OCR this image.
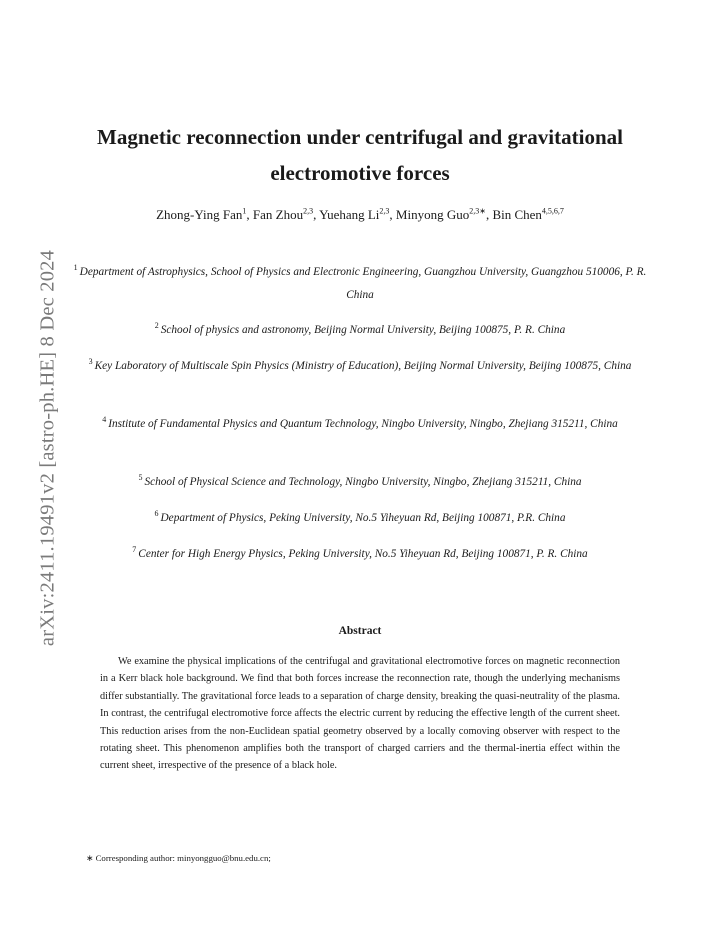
arXiv:2411.19491v2 [astro-ph.HE] 8 Dec 2024
Magnetic reconnection under centrifugal and gravitational electromotive forces
Zhong-Ying Fan$^1$, Fan Zhou$^{2,3}$, Yuehang Li$^{2,3}$, Minyong Guo$^{2,3∗}$, Bin Chen$^{4,5,6,7}$
$^1$ Department of Astrophysics, School of Physics and Electronic Engineering, Guangzhou University, Guangzhou 510006, P. R. China
$^2$ School of physics and astronomy, Beijing Normal University, Beijing 100875, P. R. China
$^3$ Key Laboratory of Multiscale Spin Physics (Ministry of Education), Beijing Normal University, Beijing 100875, China
$^4$ Institute of Fundamental Physics and Quantum Technology, Ningbo University, Ningbo, Zhejiang 315211, China
$^5$ School of Physical Science and Technology, Ningbo University, Ningbo, Zhejiang 315211, China
$^6$ Department of Physics, Peking University, No.5 Yiheyuan Rd, Beijing 100871, P.R. China
$^7$ Center for High Energy Physics, Peking University, No.5 Yiheyuan Rd, Beijing 100871, P. R. China
Abstract
We examine the physical implications of the centrifugal and gravitational electromotive forces on magnetic reconnection in a Kerr black hole background. We find that both forces increase the reconnection rate, though the underlying mechanisms differ substantially. The gravitational force leads to a separation of charge density, breaking the quasi-neutrality of the plasma. In contrast, the centrifugal electromotive force affects the electric current by reducing the effective length of the current sheet. This reduction arises from the non-Euclidean spatial geometry observed by a locally comoving observer with respect to the rotating sheet. This phenomenon amplifies both the transport of charged carriers and the thermal-inertia effect within the current sheet, irrespective of the presence of a black hole.
∗ Corresponding author: minyongguo@bnu.edu.cn;
